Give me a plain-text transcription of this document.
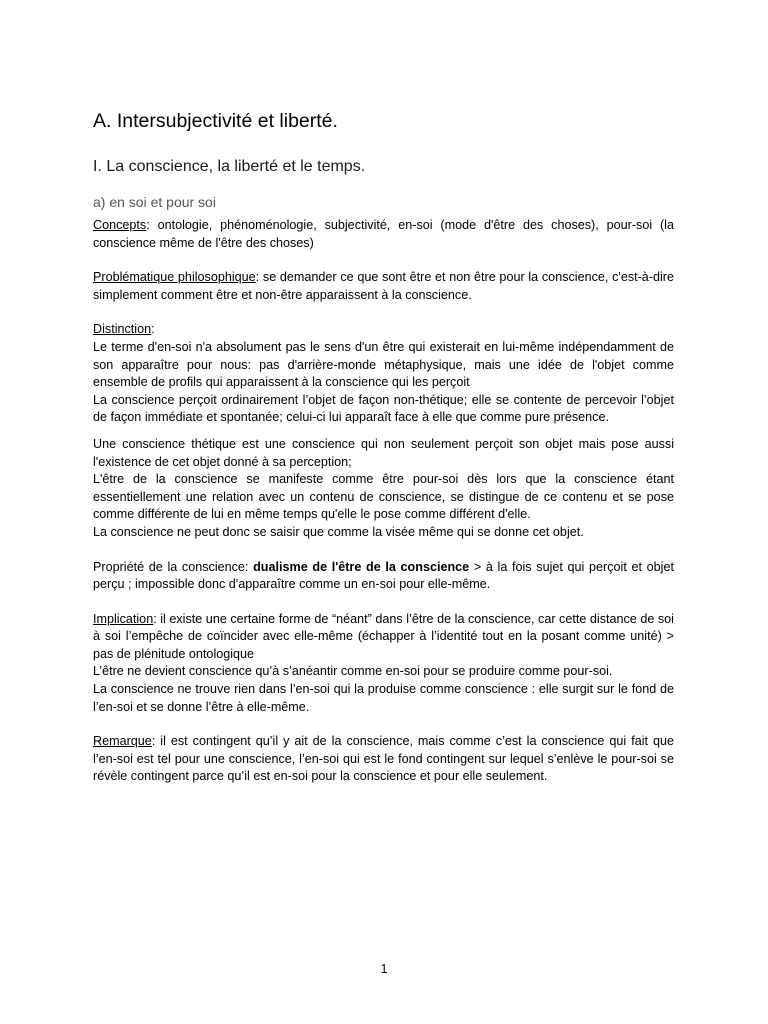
A. Intersubjectivité et liberté.
I. La conscience, la liberté et le temps.
a) en soi et pour soi

Concepts: ontologie, phénoménologie, subjectivité, en-soi (mode d'être des choses), pour-soi (la conscience même de l'être des choses)

Problématique philosophique: se demander ce que sont être et non être pour la conscience, c'est-à-dire simplement comment être et non-être apparaissent à la conscience.

Distinction:

Le terme d'en-soi n'a absolument pas le sens d'un être qui existerait en lui-même indépendamment de son apparaître pour nous: pas d'arrière-monde métaphysique, mais une idée de l'objet comme ensemble de profils qui apparaissent à la conscience qui les perçoit

La conscience perçoit ordinairement l’objet de façon non-thétique; elle se contente de percevoir l’objet de façon immédiate et spontanée; celui-ci lui apparaît face à elle que comme pure présence.

Une conscience thétique est une conscience qui non seulement perçoit son objet mais pose aussi l'existence de cet objet donné à sa perception;

L'être de la conscience se manifeste comme être pour-soi dès lors que la conscience étant essentiellement une relation avec un contenu de conscience, se distingue de ce contenu et se pose comme différente de lui en même temps qu'elle le pose comme différent d'elle.

La conscience ne peut donc se saisir que comme la visée même qui se donne cet objet.

Propriété de la conscience: dualisme de l'être de la conscience > à la fois sujet qui perçoit et objet perçu ; impossible donc d'apparaître comme un en-soi pour elle-même.

Implication: il existe une certaine forme de “néant” dans l’être de la conscience, car cette distance de soi à soi l’empêche de coïncider avec elle-même (échapper à l’identité tout en la posant comme unité) > pas de plénitude ontologique

L’être ne devient conscience qu’à s’anéantir comme en-soi pour se produire comme pour-soi.

La conscience ne trouve rien dans l’en-soi qui la produise comme conscience : elle surgit sur le fond de l’en-soi et se donne l’être à elle-même.

Remarque: il est contingent qu’il y ait de la conscience, mais comme c’est la conscience qui fait que l’en-soi est tel pour une conscience, l’en-soi qui est le fond contingent sur lequel s’enlève le pour-soi se révèle contingent parce qu’il est en-soi pour la conscience et pour elle seulement.

1
